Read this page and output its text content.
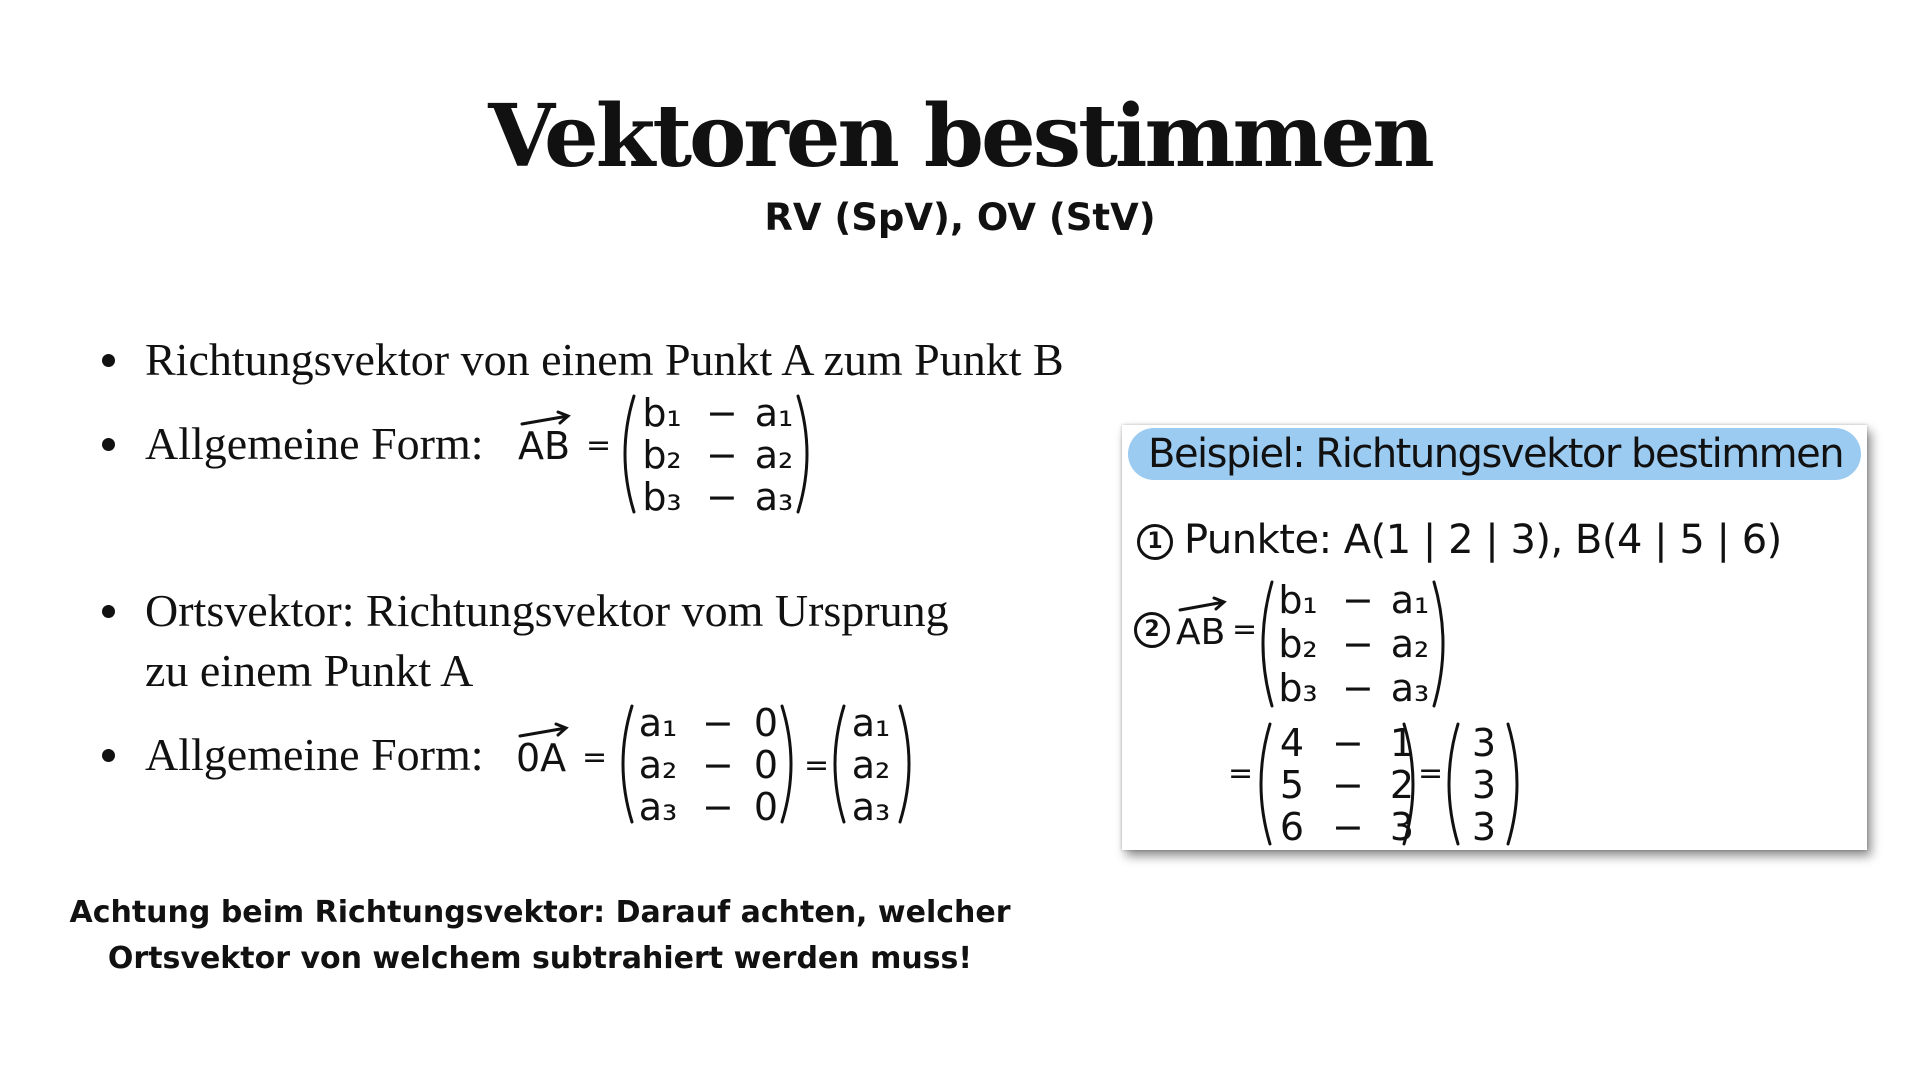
Vektoren bestimmen
RV (SpV), OV (StV)
Richtungsvektor von einem Punkt A zum Punkt B
Allgemeine Form: AB =
b₁ − a₁
b₂ − a₂
b₃ − a₃
Ortsvektor: Richtungsvektor vom Ursprung
zu einem Punkt A
Allgemeine Form: 0A =
a₁ − 0
a₂ − 0
a₃ − 0
=
a₁
a₂
a₃
Achtung beim Richtungsvektor: Darauf achten, welcher
Ortsvektor von welchem subtrahiert werden muss!
Beispiel: Richtungsvektor bestimmen
1 Punkte: A(1 | 2 | 3), B(4 | 5 | 6)
2 AB =
b₁ − a₁
b₂ − a₂
b₃ − a₃
=
4 − 1
5 − 2
6 − 3
=
3
3
3
